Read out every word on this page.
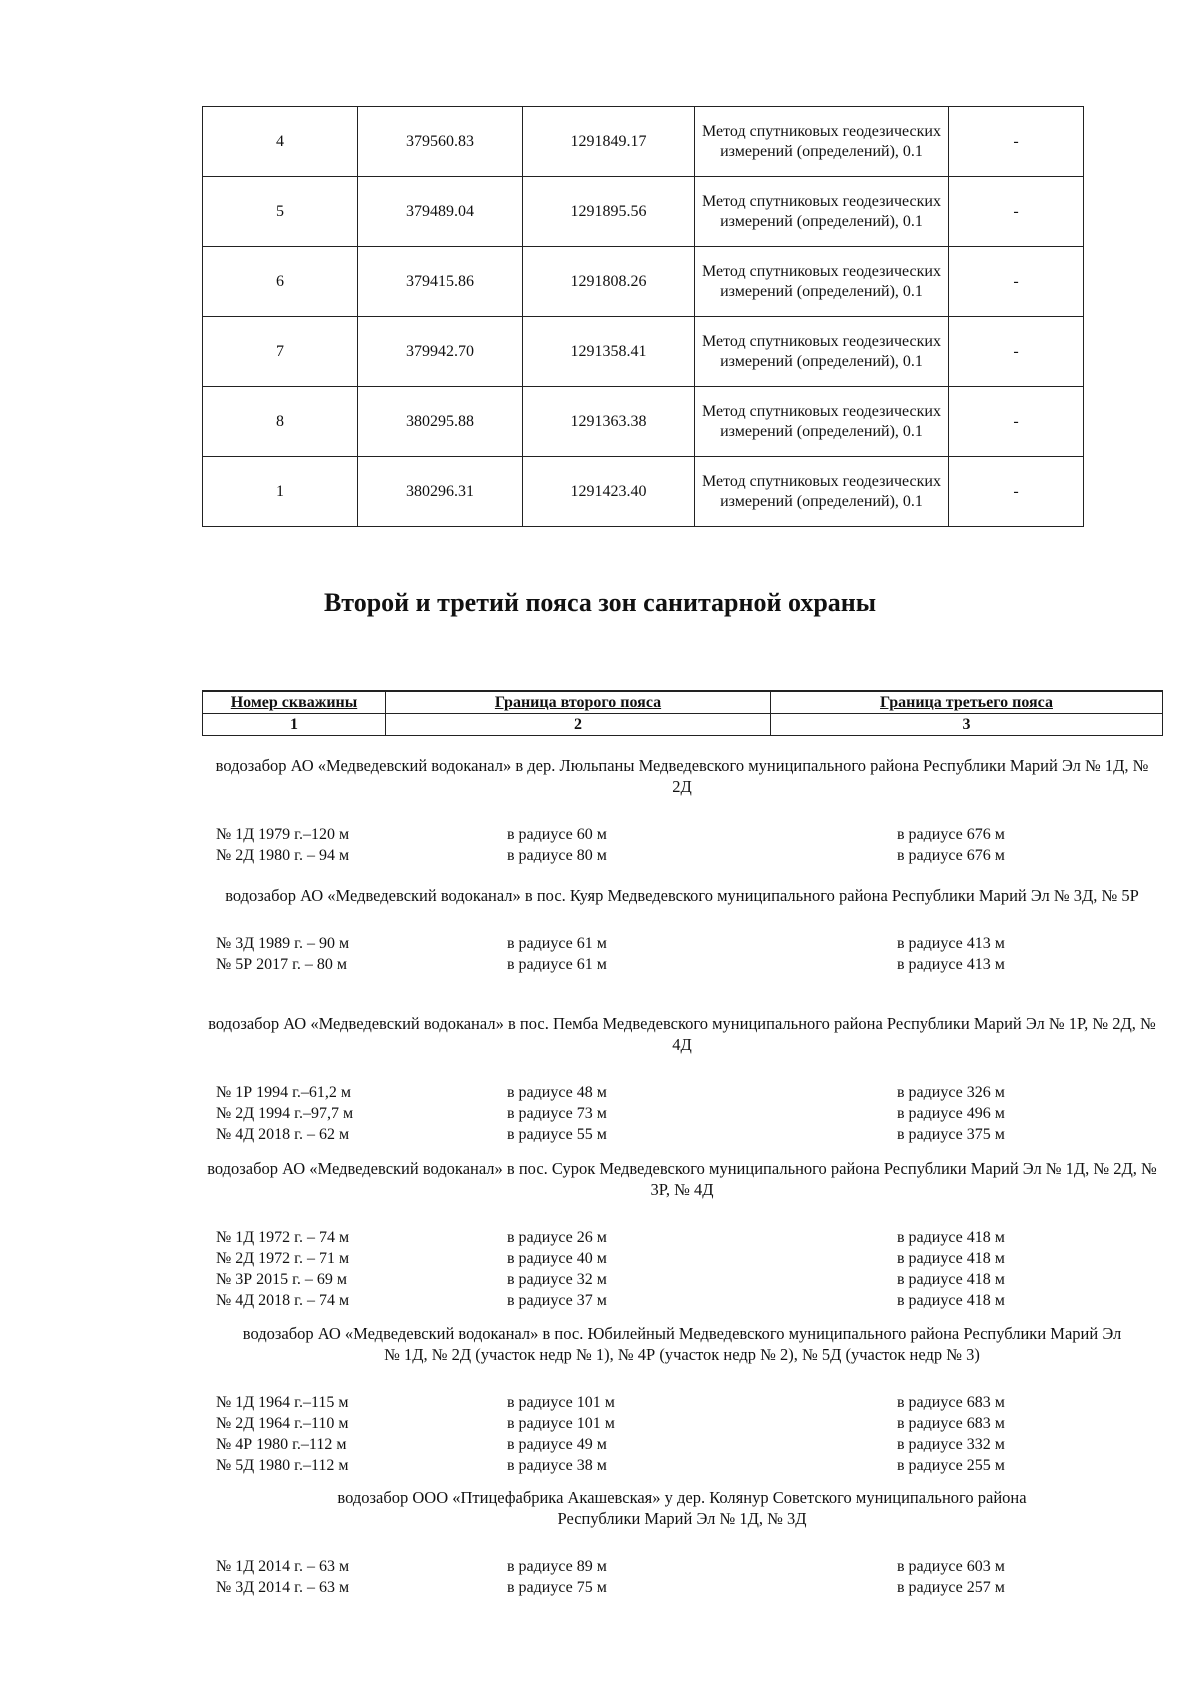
4	379560.83	1291849.17	Метод спутниковых геодезических измерений (определений), 0.1	-
5	379489.04	1291895.56	Метод спутниковых геодезических измерений (определений), 0.1	-
6	379415.86	1291808.26	Метод спутниковых геодезических измерений (определений), 0.1	-
7	379942.70	1291358.41	Метод спутниковых геодезических измерений (определений), 0.1	-
8	380295.88	1291363.38	Метод спутниковых геодезических измерений (определений), 0.1	-
1	380296.31	1291423.40	Метод спутниковых геодезических измерений (определений), 0.1	-
Второй и третий пояса зон санитарной охраны
Номер скважины	Граница второго пояса	Граница третьего пояса
1	2	3
водозабор АО «Медведевский водоканал» в дер. Люльпаны Медведевского муниципального района Республики Марий Эл № 1Д, № 2Д
№ 1Д 1979 г.–120 м	в радиусе 60 м	в радиусе 676 м
№ 2Д 1980 г. – 94 м	в радиусе 80 м	в радиусе 676 м
водозабор АО «Медведевский водоканал» в пос. Куяр Медведевского муниципального района Республики Марий Эл № 3Д, № 5Р
№ 3Д 1989 г. – 90 м	в радиусе 61 м	в радиусе 413 м
№ 5Р 2017 г. – 80 м	в радиусе 61 м	в радиусе 413 м
водозабор АО «Медведевский водоканал» в пос. Пемба Медведевского муниципального района Республики Марий Эл № 1Р, № 2Д, № 4Д
№ 1Р 1994 г.–61,2 м	в радиусе 48 м	в радиусе 326 м
№ 2Д 1994 г.–97,7 м	в радиусе 73 м	в радиусе 496 м
№ 4Д 2018 г. – 62 м	в радиусе 55 м	в радиусе 375 м
водозабор АО «Медведевский водоканал» в пос. Сурок Медведевского муниципального района Республики Марий Эл № 1Д, № 2Д, № 3Р, № 4Д
№ 1Д 1972 г. – 74 м	в радиусе 26 м	в радиусе 418 м
№ 2Д 1972 г. – 71 м	в радиусе 40 м	в радиусе 418 м
№ 3Р 2015 г. – 69 м	в радиусе 32 м	в радиусе 418 м
№ 4Д 2018 г. – 74 м	в радиусе 37 м	в радиусе 418 м
водозабор АО «Медведевский водоканал» в пос. Юбилейный Медведевского муниципального района Республики Марий Эл № 1Д, № 2Д (участок недр № 1), № 4Р (участок недр № 2), № 5Д (участок недр № 3)
№ 1Д 1964 г.–115 м	в радиусе 101 м	в радиусе 683 м
№ 2Д 1964 г.–110 м	в радиусе 101 м	в радиусе 683 м
№ 4Р 1980 г.–112 м	в радиусе 49 м	в радиусе 332 м
№ 5Д 1980 г.–112 м	в радиусе 38 м	в радиусе 255 м
водозабор ООО «Птицефабрика Акашевская» у дер. Колянур Советского муниципального района Республики Марий Эл № 1Д, № 3Д
№ 1Д 2014 г. – 63 м	в радиусе 89 м	в радиусе 603 м
№ 3Д 2014 г. – 63 м	в радиусе 75 м	в радиусе 257 м
